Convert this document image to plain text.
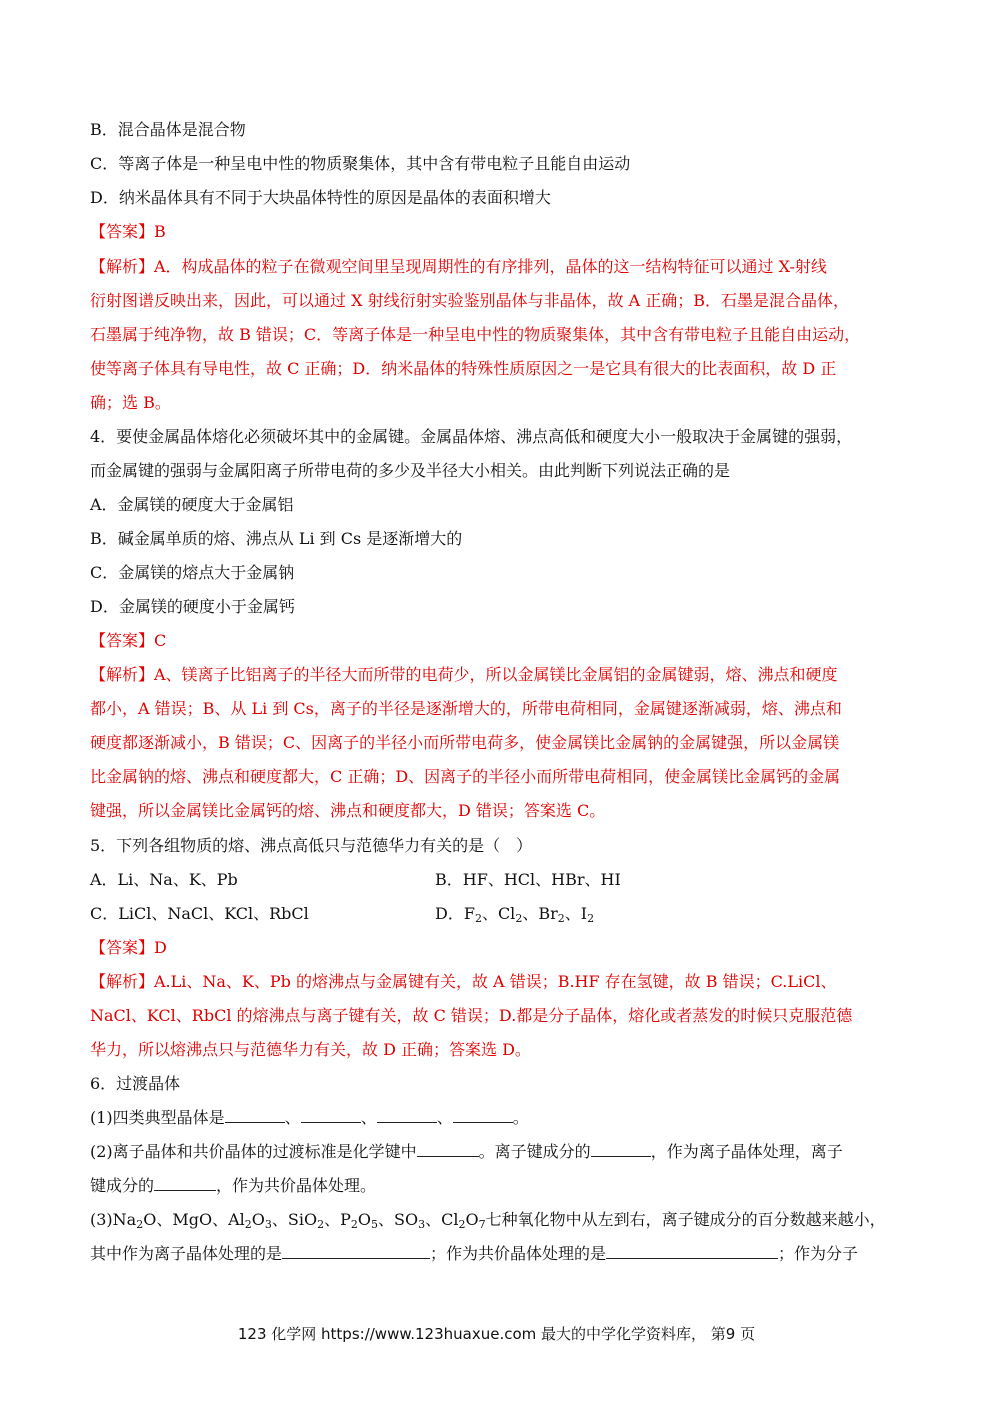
B．混合晶体是混合物
C．等离子体是一种呈电中性的物质聚集体，其中含有带电粒子且能自由运动
D．纳米晶体具有不同于大块晶体特性的原因是晶体的表面积增大
【答案】B
【解析】A．构成晶体的粒子在微观空间里呈现周期性的有序排列，晶体的这一结构特征可以通过 X-射线
衍射图谱反映出来，因此，可以通过 X 射线衍射实验鉴别晶体与非晶体，故 A 正确；B．石墨是混合晶体，
石墨属于纯净物，故 B 错误；C．等离子体是一种呈电中性的物质聚集体，其中含有带电粒子且能自由运动，
使等离子体具有导电性，故 C 正确；D．纳米晶体的特殊性质原因之一是它具有很大的比表面积，故 D 正
确；选 B。
4．要使金属晶体熔化必须破坏其中的金属键。金属晶体熔、沸点高低和硬度大小一般取决于金属键的强弱，
而金属键的强弱与金属阳离子所带电荷的多少及半径大小相关。由此判断下列说法正确的是
A．金属镁的硬度大于金属铝
B．碱金属单质的熔、沸点从 Li 到 Cs 是逐渐增大的
C．金属镁的熔点大于金属钠
D．金属镁的硬度小于金属钙
【答案】C
【解析】A、镁离子比铝离子的半径大而所带的电荷少，所以金属镁比金属铝的金属键弱，熔、沸点和硬度
都小，A 错误；B、从 Li 到 Cs，离子的半径是逐渐增大的，所带电荷相同，金属键逐渐减弱，熔、沸点和
硬度都逐渐减小，B 错误；C、因离子的半径小而所带电荷多，使金属镁比金属钠的金属键强，所以金属镁
比金属钠的熔、沸点和硬度都大，C 正确；D、因离子的半径小而所带电荷相同，使金属镁比金属钙的金属
键强，所以金属镁比金属钙的熔、沸点和硬度都大，D 错误；答案选 C。
5．下列各组物质的熔、沸点高低只与范德华力有关的是（　）
A．Li、Na、K、Pb	B．HF、HCl、HBr、HI
C．LiCl、NaCl、KCl、RbCl	D．$F_2$、$Cl_2$、$Br_2$、$I_2$
【答案】D
【解析】A.Li、Na、K、Pb 的熔沸点与金属键有关，故 A 错误；B.HF 存在氢键，故 B 错误；C.LiCl、
NaCl、KCl、RbCl 的熔沸点与离子键有关，故 C 错误；D.都是分子晶体，熔化或者蒸发的时候只克服范德
华力，所以熔沸点只与范德华力有关，故 D 正确；答案选 D。
6．过渡晶体
(1)四类典型晶体是	、	、	、	。
(2)离子晶体和共价晶体的过渡标准是化学键中	。离子键成分的	，作为离子晶体处理，离子
键成分的	，作为共价晶体处理。
$(3)Na_2O$、MgO、$Al_2O_3$、SiO$_2$、$P_2O_5$、$SO_3$、$Cl_2O_7$七种氧化物中从左到右，离子键成分的百分数越来越小，
其中作为离子晶体处理的是	；作为共价晶体处理的是	；作为分子
123 化学网 https://www.123huaxue.com 最大的中学化学资料库， 第9 页
